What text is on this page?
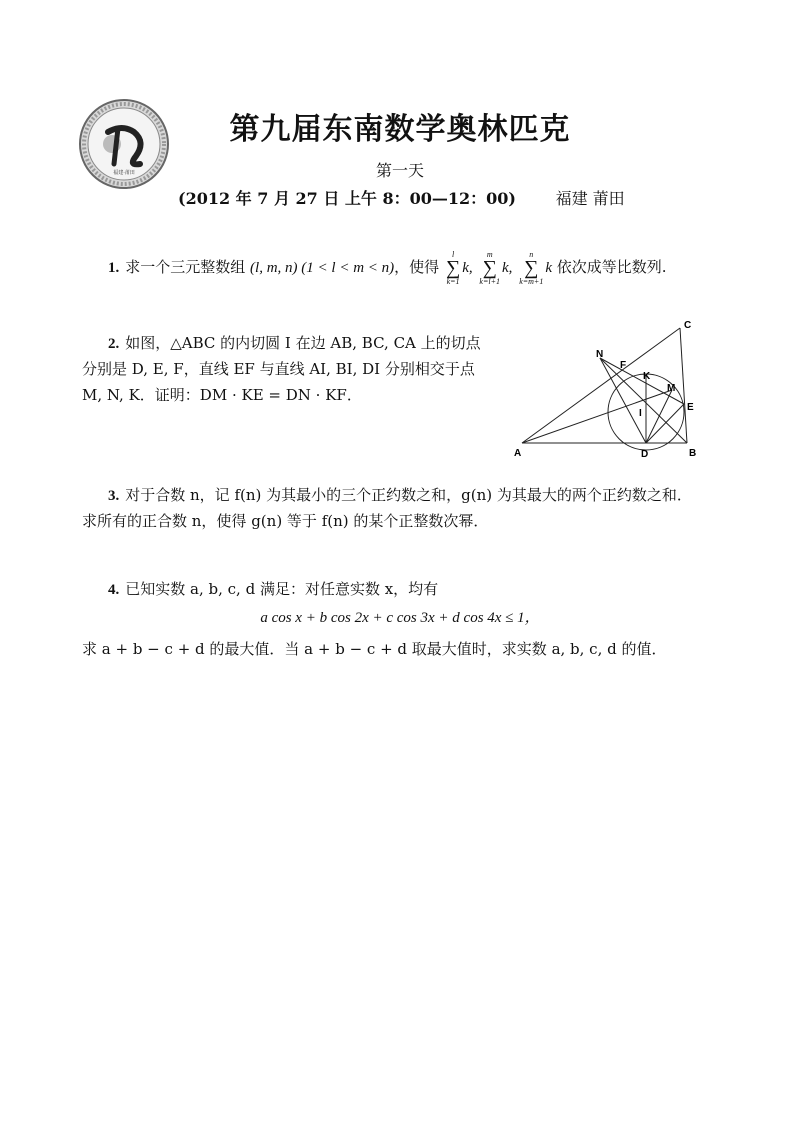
福建·莆田
第九届东南数学奥林匹克
第一天
(2012 年 7 月 27 日 上午 8：00—12：00) 福建 莆田
1. 求一个三元整数组 (l, m, n) (1 < l < m < n)，使得
l
∑
k=1
k,
m
∑
k=l+1
k,
n
∑
k=m+1
k 依次成等比数列.
2. 如图，△ABC 的内切圆 I 在边 AB, BC, CA 上的切点
分别是 D, E, F，直线 EF 与直线 AI, BI, DI 分别相交于点
M, N, K．证明：DM · KE = DN · KF．
A	B
C
D
E
F
I
K
M
N
3. 对于合数 n，记 f(n) 为其最小的三个正约数之和，g(n) 为其最大的两个正约数之和．
求所有的正合数 n，使得 g(n) 等于 f(n) 的某个正整数次幂．
4. 已知实数 a, b, c, d 满足：对任意实数 x，均有
a cos x + b cos 2x + c cos 3x + d cos 4x ≤ 1，
求 a + b − c + d 的最大值．当 a + b − c + d 取最大值时，求实数 a, b, c, d 的值．
